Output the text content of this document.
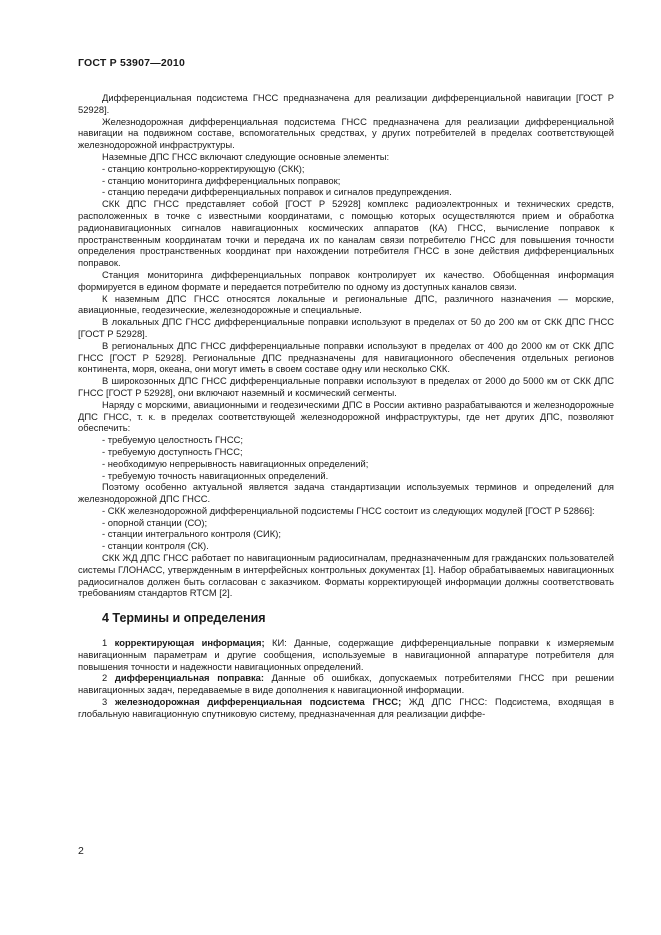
ГОСТ Р 53907—2010

Дифференциальная подсистема ГНСС предназначена для реализации дифференциальной навигации [ГОСТ Р 52928].

Железнодорожная дифференциальная подсистема ГНСС предназначена для реализации дифференциальной навигации на подвижном составе, вспомогательных средствах, у других потребителей в пределах соответствующей железнодорожной инфраструктуры.

Наземные ДПС ГНСС включают следующие основные элементы:

- станцию контрольно-корректирующую (СКК);

- станцию мониторинга дифференциальных поправок;

- станцию передачи дифференциальных поправок и сигналов предупреждения.

СКК ДПС ГНСС представляет собой [ГОСТ Р 52928] комплекс радиоэлектронных и технических средств, расположенных в точке с известными координатами, с помощью которых осуществляются прием и обработка радионавигационных сигналов навигационных космических аппаратов (КА) ГНСС, вычисление поправок к пространственным координатам точки и передача их по каналам связи потребителю ГНСС для повышения точности определения пространственных координат при нахождении потребителя ГНСС в зоне действия дифференциальных поправок.

Станция мониторинга дифференциальных поправок контролирует их качество. Обобщенная информация формируется в едином формате и передается потребителю по одному из доступных каналов связи.

К наземным ДПС ГНСС относятся локальные и региональные ДПС, различного назначения — морские, авиационные, геодезические, железнодорожные и специальные.

В локальных ДПС ГНСС дифференциальные поправки используют в пределах от 50 до 200 км от СКК ДПС ГНСС [ГОСТ Р 52928].

В региональных ДПС ГНСС дифференциальные поправки используют в пределах от 400 до 2000 км от СКК ДПС ГНСС [ГОСТ Р 52928]. Региональные ДПС предназначены для навигационного обеспечения отдельных регионов континента, моря, океана, они могут иметь в своем составе одну или несколько СКК.

В широкозонных ДПС ГНСС дифференциальные поправки используют в пределах от 2000 до 5000 км от СКК ДПС ГНСС [ГОСТ Р 52928], они включают наземный и космический сегменты.

Наряду с морскими, авиационными и геодезическими ДПС в России активно разрабатываются и железнодорожные ДПС ГНСС, т. к. в пределах соответствующей железнодорожной инфраструктуры, где нет других ДПС, позволяют обеспечить:

- требуемую целостность ГНСС;

- требуемую доступность ГНСС;

- необходимую непрерывность навигационных определений;

- требуемую точность навигационных определений.

Поэтому особенно актуальной является задача стандартизации используемых терминов и определений для железнодорожной ДПС ГНСС.

- СКК железнодорожной дифференциальной подсистемы ГНСС состоит из следующих модулей [ГОСТ Р 52866]:

- опорной станции (СО);

- станции интегрального контроля (СИК);

- станции контроля (СК).

СКК ЖД ДПС ГНСС работает по навигационным радиосигналам, предназначенным для гражданских пользователей системы ГЛОНАСС, утвержденным в интерфейсных контрольных документах [1]. Набор обрабатываемых навигационных радиосигналов должен быть согласован с заказчиком. Форматы корректирующей информации должны соответствовать требованиям стандартов RTCM [2].

4 Термины и определения

1 корректирующая информация; КИ: Данные, содержащие дифференциальные поправки к измеряемым навигационным параметрам и другие сообщения, используемые в навигационной аппаратуре потребителя для повышения точности и надежности навигационных определений.

2 дифференциальная поправка: Данные об ошибках, допускаемых потребителями ГНСС при решении навигационных задач, передаваемые в виде дополнения к навигационной информации.

3 железнодорожная дифференциальная подсистема ГНСС; ЖД ДПС ГНСС: Подсистема, входящая в глобальную навигационную спутниковую систему, предназначенная для реализации диффе-

2
